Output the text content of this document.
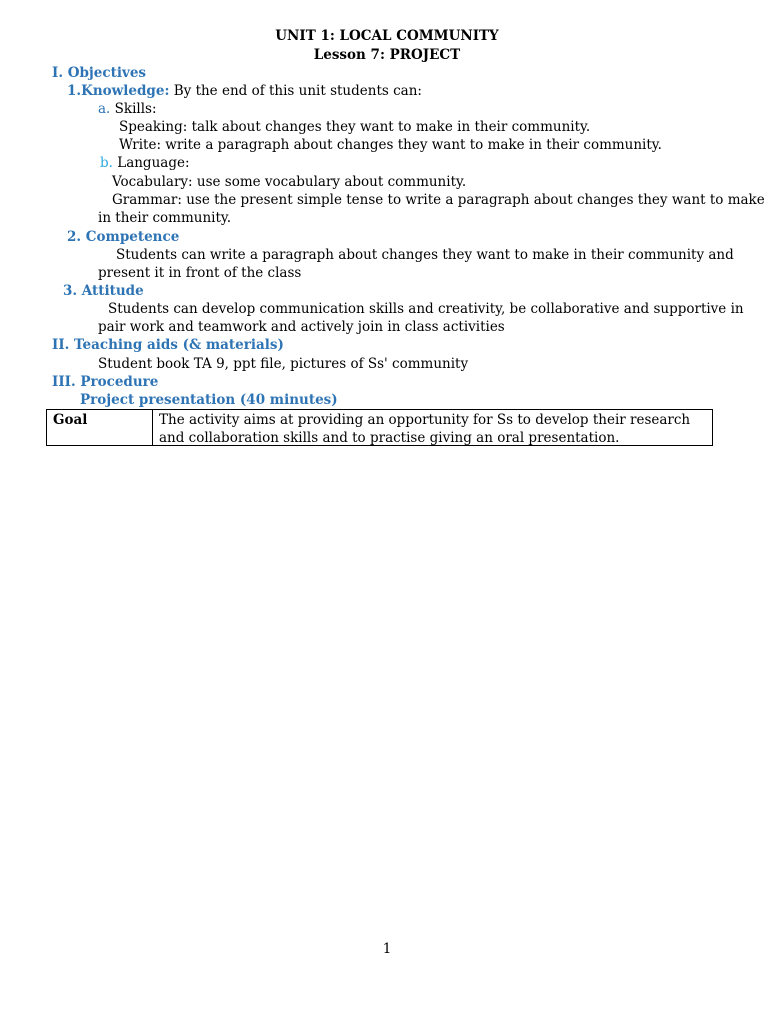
UNIT 1: LOCAL COMMUNITY
Lesson 7: PROJECT
I. Objectives
1.Knowledge: By the end of this unit students can:
a. Skills:
Speaking: talk about changes they want to make in their community.
Write: write a paragraph about changes they want to make in their community.
b. Language:
Vocabulary: use some vocabulary about community.
Grammar: use the present simple tense to write a paragraph about changes they want to make
in their community.
2. Competence
Students can write a paragraph about changes they want to make in their community and
present it in front of the class
3. Attitude
Students can develop communication skills and creativity, be collaborative and supportive in
pair work and teamwork and actively join in class activities
II. Teaching aids (& materials)
Student book TA 9, ppt file, pictures of Ss' community
III. Procedure
Project presentation (40 minutes)
Goal	The activity aims at providing an opportunity for Ss to develop their research and collaboration skills and to practise giving an oral presentation.
1
